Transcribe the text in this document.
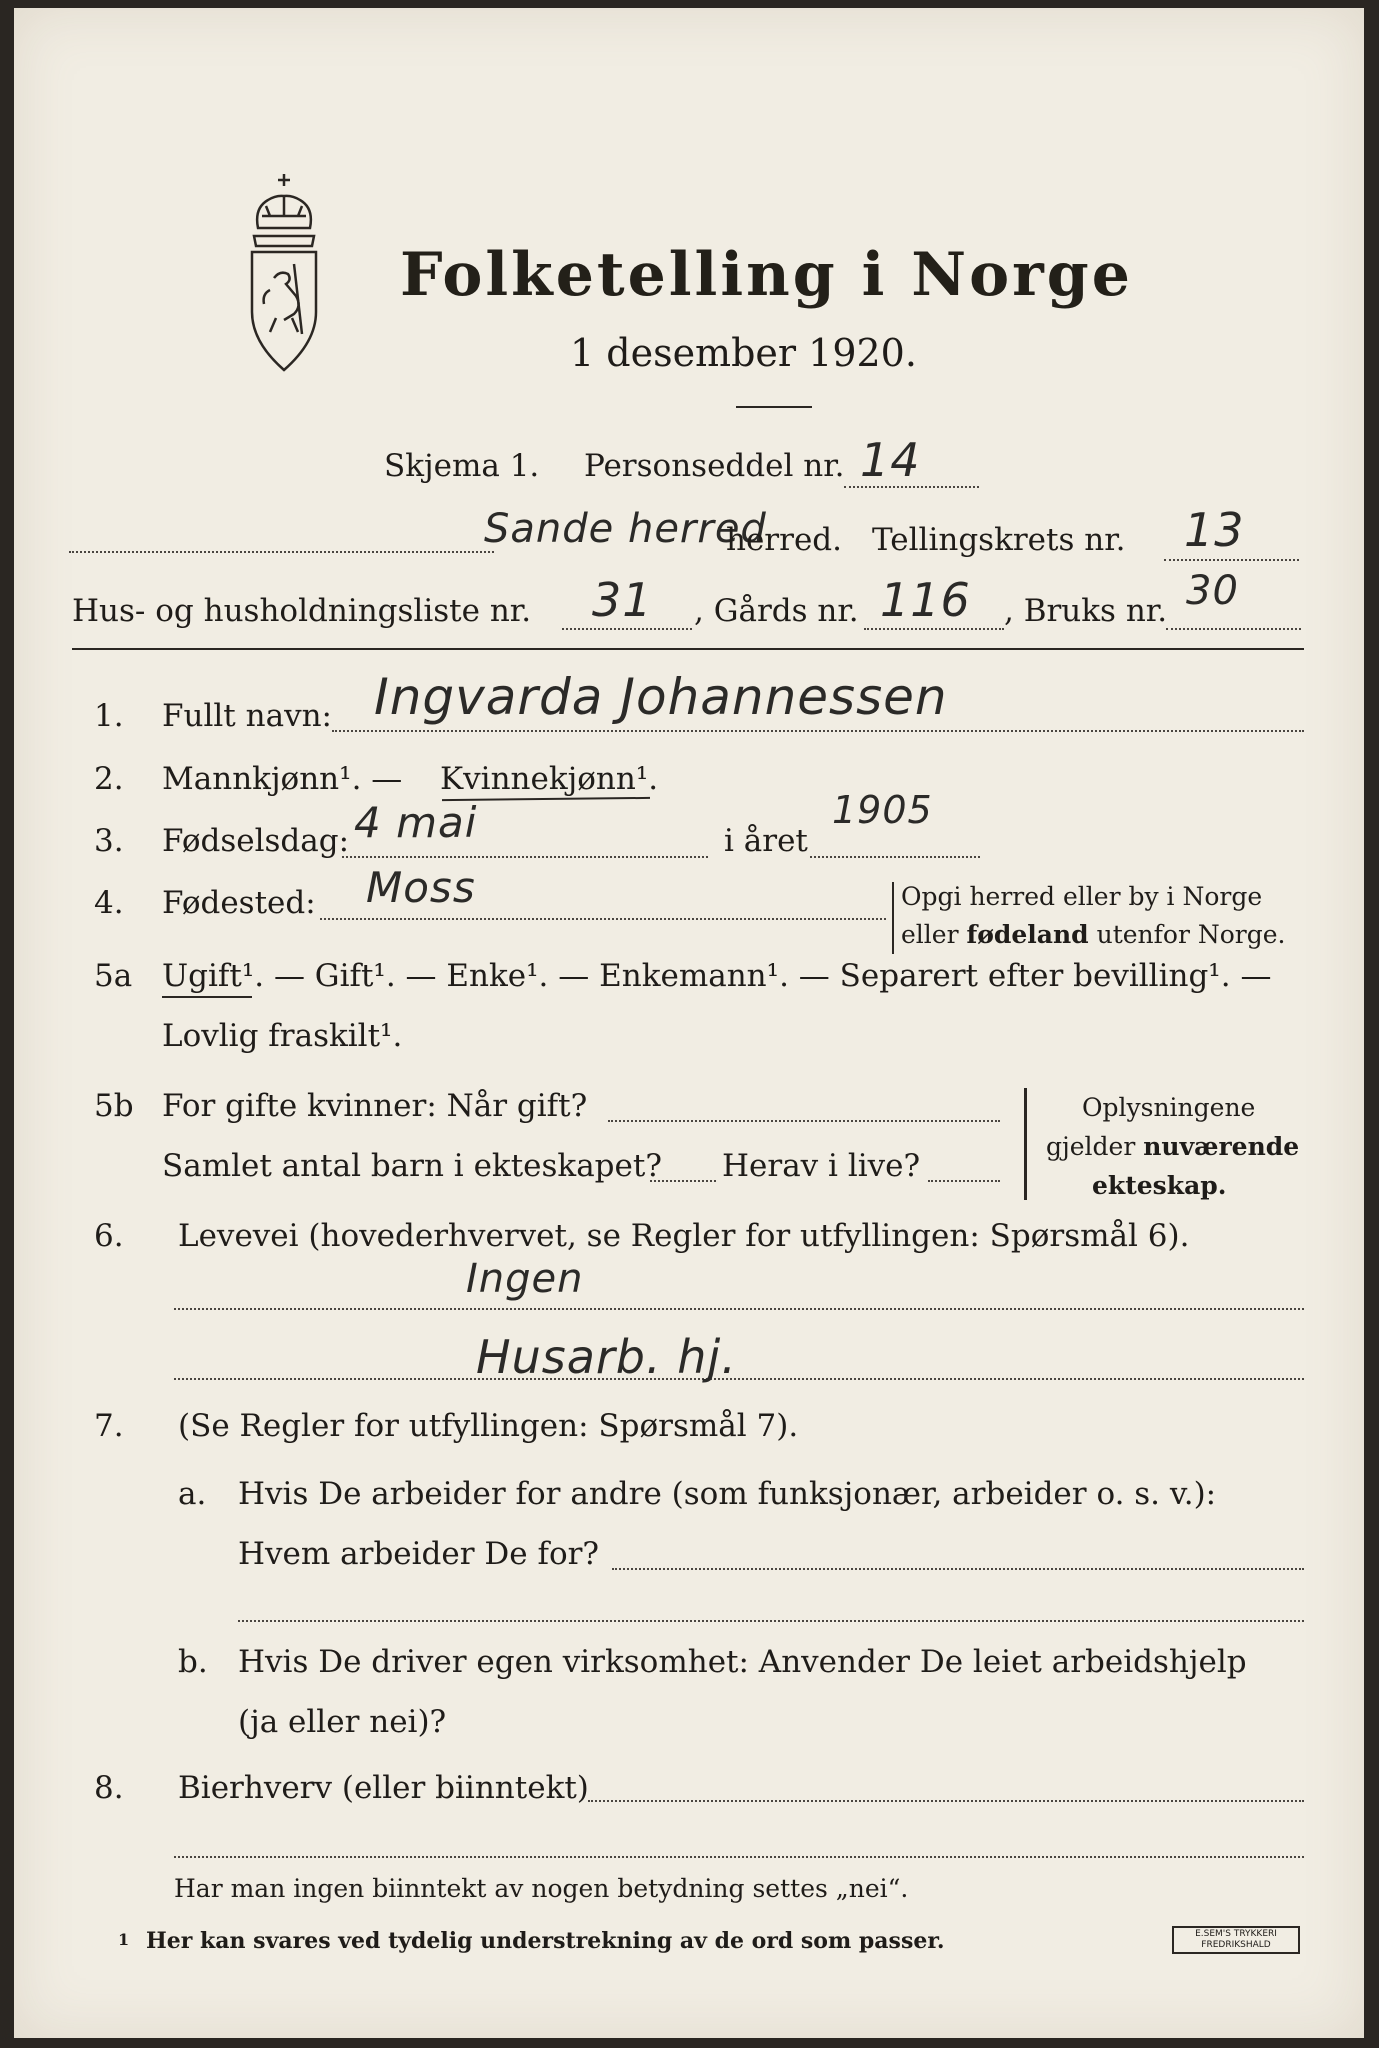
Folketelling i Norge
1 desember 1920.
Skjema 1. Personseddel nr. 14
Sande herred
herred. Tellingskrets nr. 13
Hus- og husholdningsliste nr. 31 , Gårds nr. 116 , Bruks nr. 30
1. Fullt navn: Ingvarda Johannessen
2. Mannkjønn¹. — Kvinnekjønn¹.
3. Fødselsdag: 4 mai	i året
1905
4. Fødested: Moss	Opgi herred eller by i Norge
eller fødeland utenfor Norge.
5a Ugift¹. — Gift¹. — Enke¹. — Enkemann¹. — Separert efter bevilling¹. —
Lovlig fraskilt¹.
5b For gifte kvinner: Når gift?
Samlet antal barn i ekteskapet? Herav i live?
Oplysningene
gjelder nuværende
ekteskap.
6. Levevei (hovederhvervet, se Regler for utfyllingen: Spørsmål 6).
Ingen
Husarb. hj.
7. (Se Regler for utfyllingen: Spørsmål 7).
a. Hvis De arbeider for andre (som funksjonær, arbeider o. s. v.):
Hvem arbeider De for?
b. Hvis De driver egen virksomhet: Anvender De leiet arbeidshjelp
(ja eller nei)?
8. Bierhverv (eller biinntekt)
Har man ingen biinntekt av nogen betydning settes „nei“.
1 Her kan svares ved tydelig understrekning av de ord som passer.	E.SEM'S TRYKKERI
FREDRIKSHALD
